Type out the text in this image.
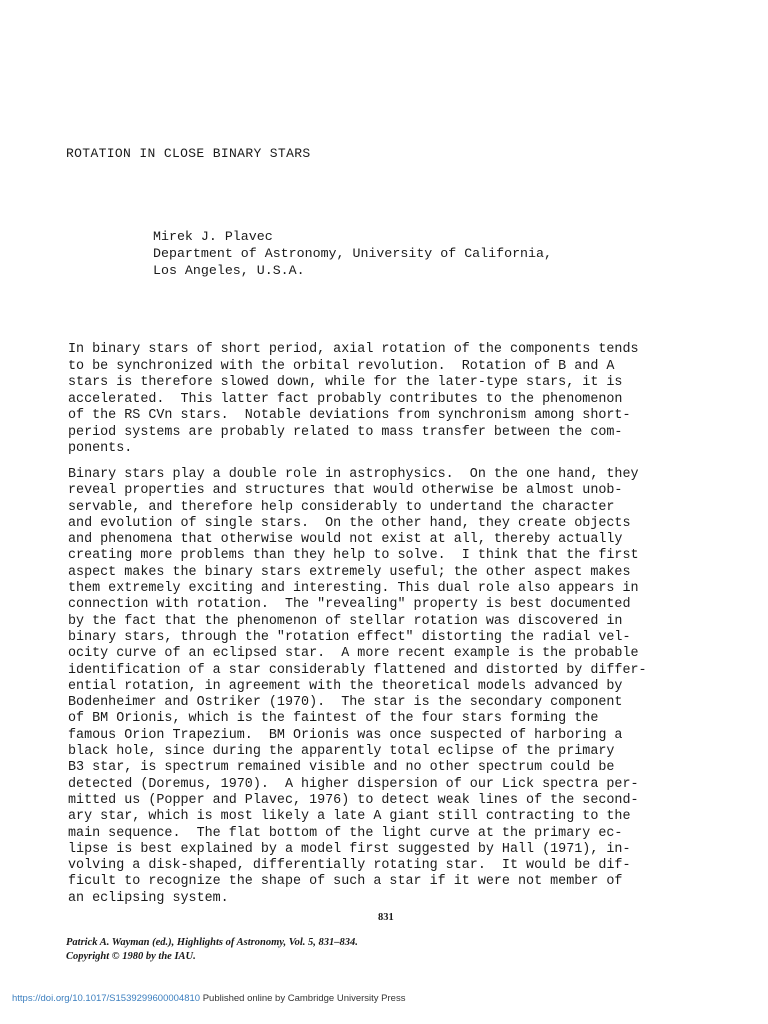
ROTATION IN CLOSE BINARY STARS
Mirek J. Plavec
Department of Astronomy, University of California,
Los Angeles, U.S.A.
In binary stars of short period, axial rotation of the components tends
to be synchronized with the orbital revolution.  Rotation of B and A
stars is therefore slowed down, while for the later-type stars, it is
accelerated.  This latter fact probably contributes to the phenomenon
of the RS CVn stars.  Notable deviations from synchronism among short-
period systems are probably related to mass transfer between the com-
ponents.
Binary stars play a double role in astrophysics.  On the one hand, they
reveal properties and structures that would otherwise be almost unob-
servable, and therefore help considerably to undertand the character
and evolution of single stars.  On the other hand, they create objects
and phenomena that otherwise would not exist at all, thereby actually
creating more problems than they help to solve.  I think that the first
aspect makes the binary stars extremely useful; the other aspect makes
them extremely exciting and interesting. This dual role also appears in
connection with rotation.  The "revealing" property is best documented
by the fact that the phenomenon of stellar rotation was discovered in
binary stars, through the "rotation effect" distorting the radial vel-
ocity curve of an eclipsed star.  A more recent example is the probable
identification of a star considerably flattened and distorted by differ-
ential rotation, in agreement with the theoretical models advanced by
Bodenheimer and Ostriker (1970).  The star is the secondary component
of BM Orionis, which is the faintest of the four stars forming the
famous Orion Trapezium.  BM Orionis was once suspected of harboring a
black hole, since during the apparently total eclipse of the primary
B3 star, is spectrum remained visible and no other spectrum could be
detected (Doremus, 1970).  A higher dispersion of our Lick spectra per-
mitted us (Popper and Plavec, 1976) to detect weak lines of the second-
ary star, which is most likely a late A giant still contracting to the
main sequence.  The flat bottom of the light curve at the primary ec-
lipse is best explained by a model first suggested by Hall (1971), in-
volving a disk-shaped, differentially rotating star.  It would be dif-
ficult to recognize the shape of such a star if it were not member of
an eclipsing system.
831
Patrick A. Wayman (ed.), Highlights of Astronomy, Vol. 5, 831–834.
Copyright © 1980 by the IAU.
https://doi.org/10.1017/S1539299600004810 Published online by Cambridge University Press
